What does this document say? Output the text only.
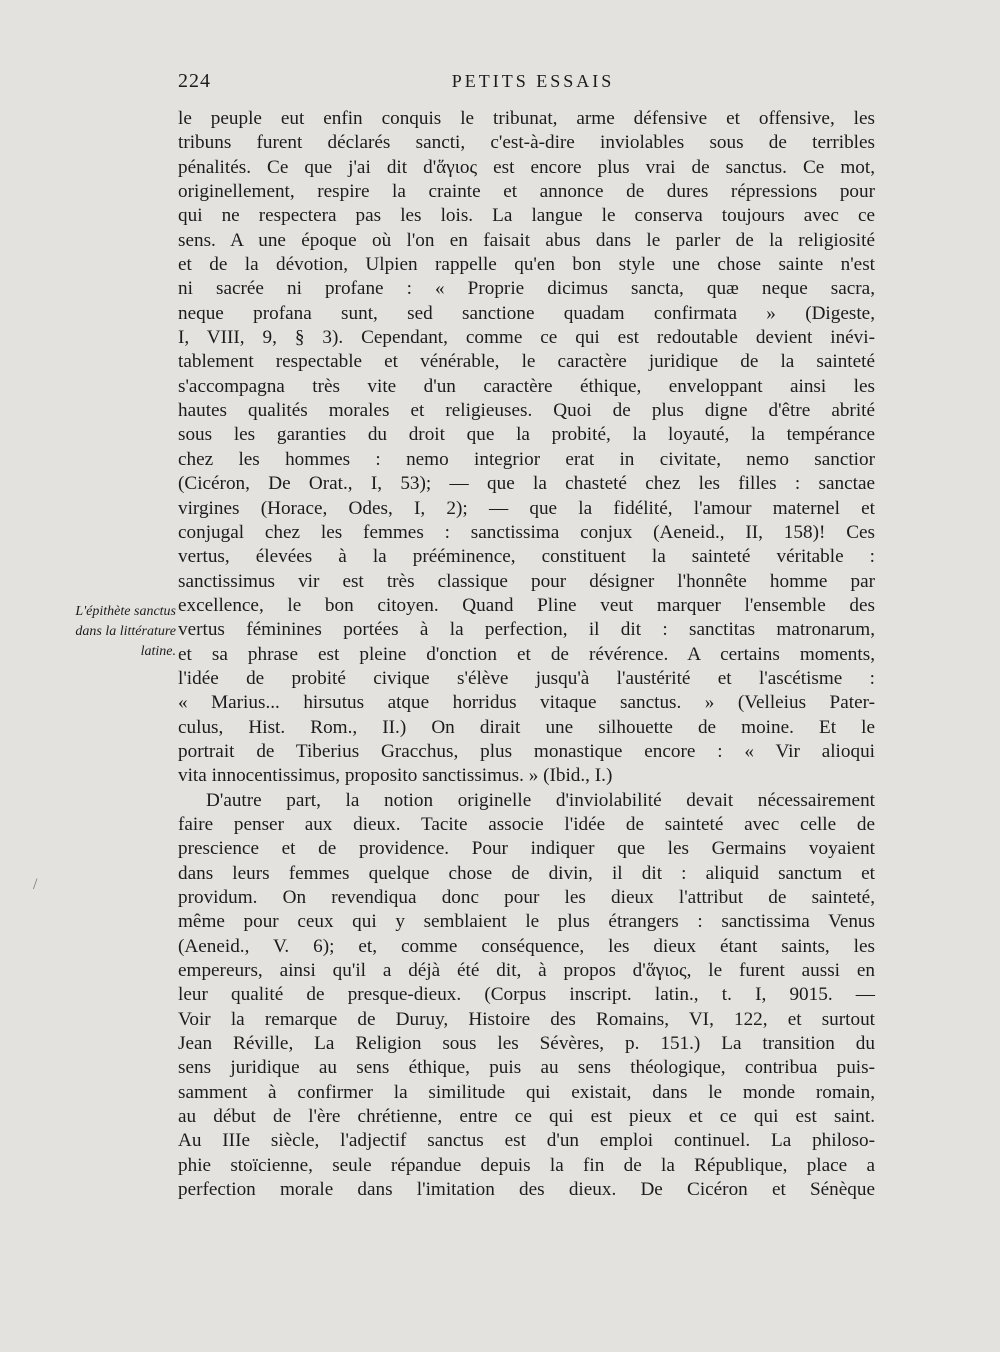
224	PETITS ESSAIS
L'épithète sanctus
dans la littérature
latine.
/
le peuple eut enfin conquis le tribunat, arme défensive et offensive, les
tribuns furent déclarés sancti, c'est-à-dire inviolables sous de terribles
pénalités. Ce que j'ai dit d'ἅγιος est encore plus vrai de sanctus. Ce mot,
originellement, respire la crainte et annonce de dures répressions pour
qui ne respectera pas les lois. La langue le conserva toujours avec ce
sens. A une époque où l'on en faisait abus dans le parler de la religiosité
et de la dévotion, Ulpien rappelle qu'en bon style une chose sainte n'est
ni sacrée ni profane : « Proprie dicimus sancta, quæ neque sacra,
neque profana sunt, sed sanctione quadam confirmata » (Digeste,
I, VIII, 9, § 3). Cependant, comme ce qui est redoutable devient inévi-
tablement respectable et vénérable, le caractère juridique de la sainteté
s'accompagna très vite d'un caractère éthique, enveloppant ainsi les
hautes qualités morales et religieuses. Quoi de plus digne d'être abrité
sous les garanties du droit que la probité, la loyauté, la tempérance
chez les hommes : nemo integrior erat in civitate, nemo sanctior
(Cicéron, De Orat., I, 53); — que la chasteté chez les filles : sanctae
virgines (Horace, Odes, I, 2); — que la fidélité, l'amour maternel et
conjugal chez les femmes : sanctissima conjux (Aeneid., II, 158)! Ces
vertus, élevées à la prééminence, constituent la sainteté véritable :
sanctissimus vir est très classique pour désigner l'honnête homme par
excellence, le bon citoyen. Quand Pline veut marquer l'ensemble des
vertus féminines portées à la perfection, il dit : sanctitas matronarum,
et sa phrase est pleine d'onction et de révérence. A certains moments,
l'idée de probité civique s'élève jusqu'à l'austérité et l'ascétisme :
« Marius... hirsutus atque horridus vitaque sanctus. » (Velleius Pater-
culus, Hist. Rom., II.) On dirait une silhouette de moine. Et le
portrait de Tiberius Gracchus, plus monastique encore : « Vir alioqui
vita innocentissimus, proposito sanctissimus. » (Ibid., I.)
D'autre part, la notion originelle d'inviolabilité devait nécessairement
faire penser aux dieux. Tacite associe l'idée de sainteté avec celle de
prescience et de providence. Pour indiquer que les Germains voyaient
dans leurs femmes quelque chose de divin, il dit : aliquid sanctum et
providum. On revendiqua donc pour les dieux l'attribut de sainteté,
même pour ceux qui y semblaient le plus étrangers : sanctissima Venus
(Aeneid., V. 6); et, comme conséquence, les dieux étant saints, les
empereurs, ainsi qu'il a déjà été dit, à propos d'ἅγιος, le furent aussi en
leur qualité de presque-dieux. (Corpus inscript. latin., t. I, 9015. —
Voir la remarque de Duruy, Histoire des Romains, VI, 122, et surtout
Jean Réville, La Religion sous les Sévères, p. 151.) La transition du
sens juridique au sens éthique, puis au sens théologique, contribua puis-
samment à confirmer la similitude qui existait, dans le monde romain,
au début de l'ère chrétienne, entre ce qui est pieux et ce qui est saint.
Au IIIe siècle, l'adjectif sanctus est d'un emploi continuel. La philoso-
phie stoïcienne, seule répandue depuis la fin de la République, place a
perfection morale dans l'imitation des dieux. De Cicéron et Sénèque
